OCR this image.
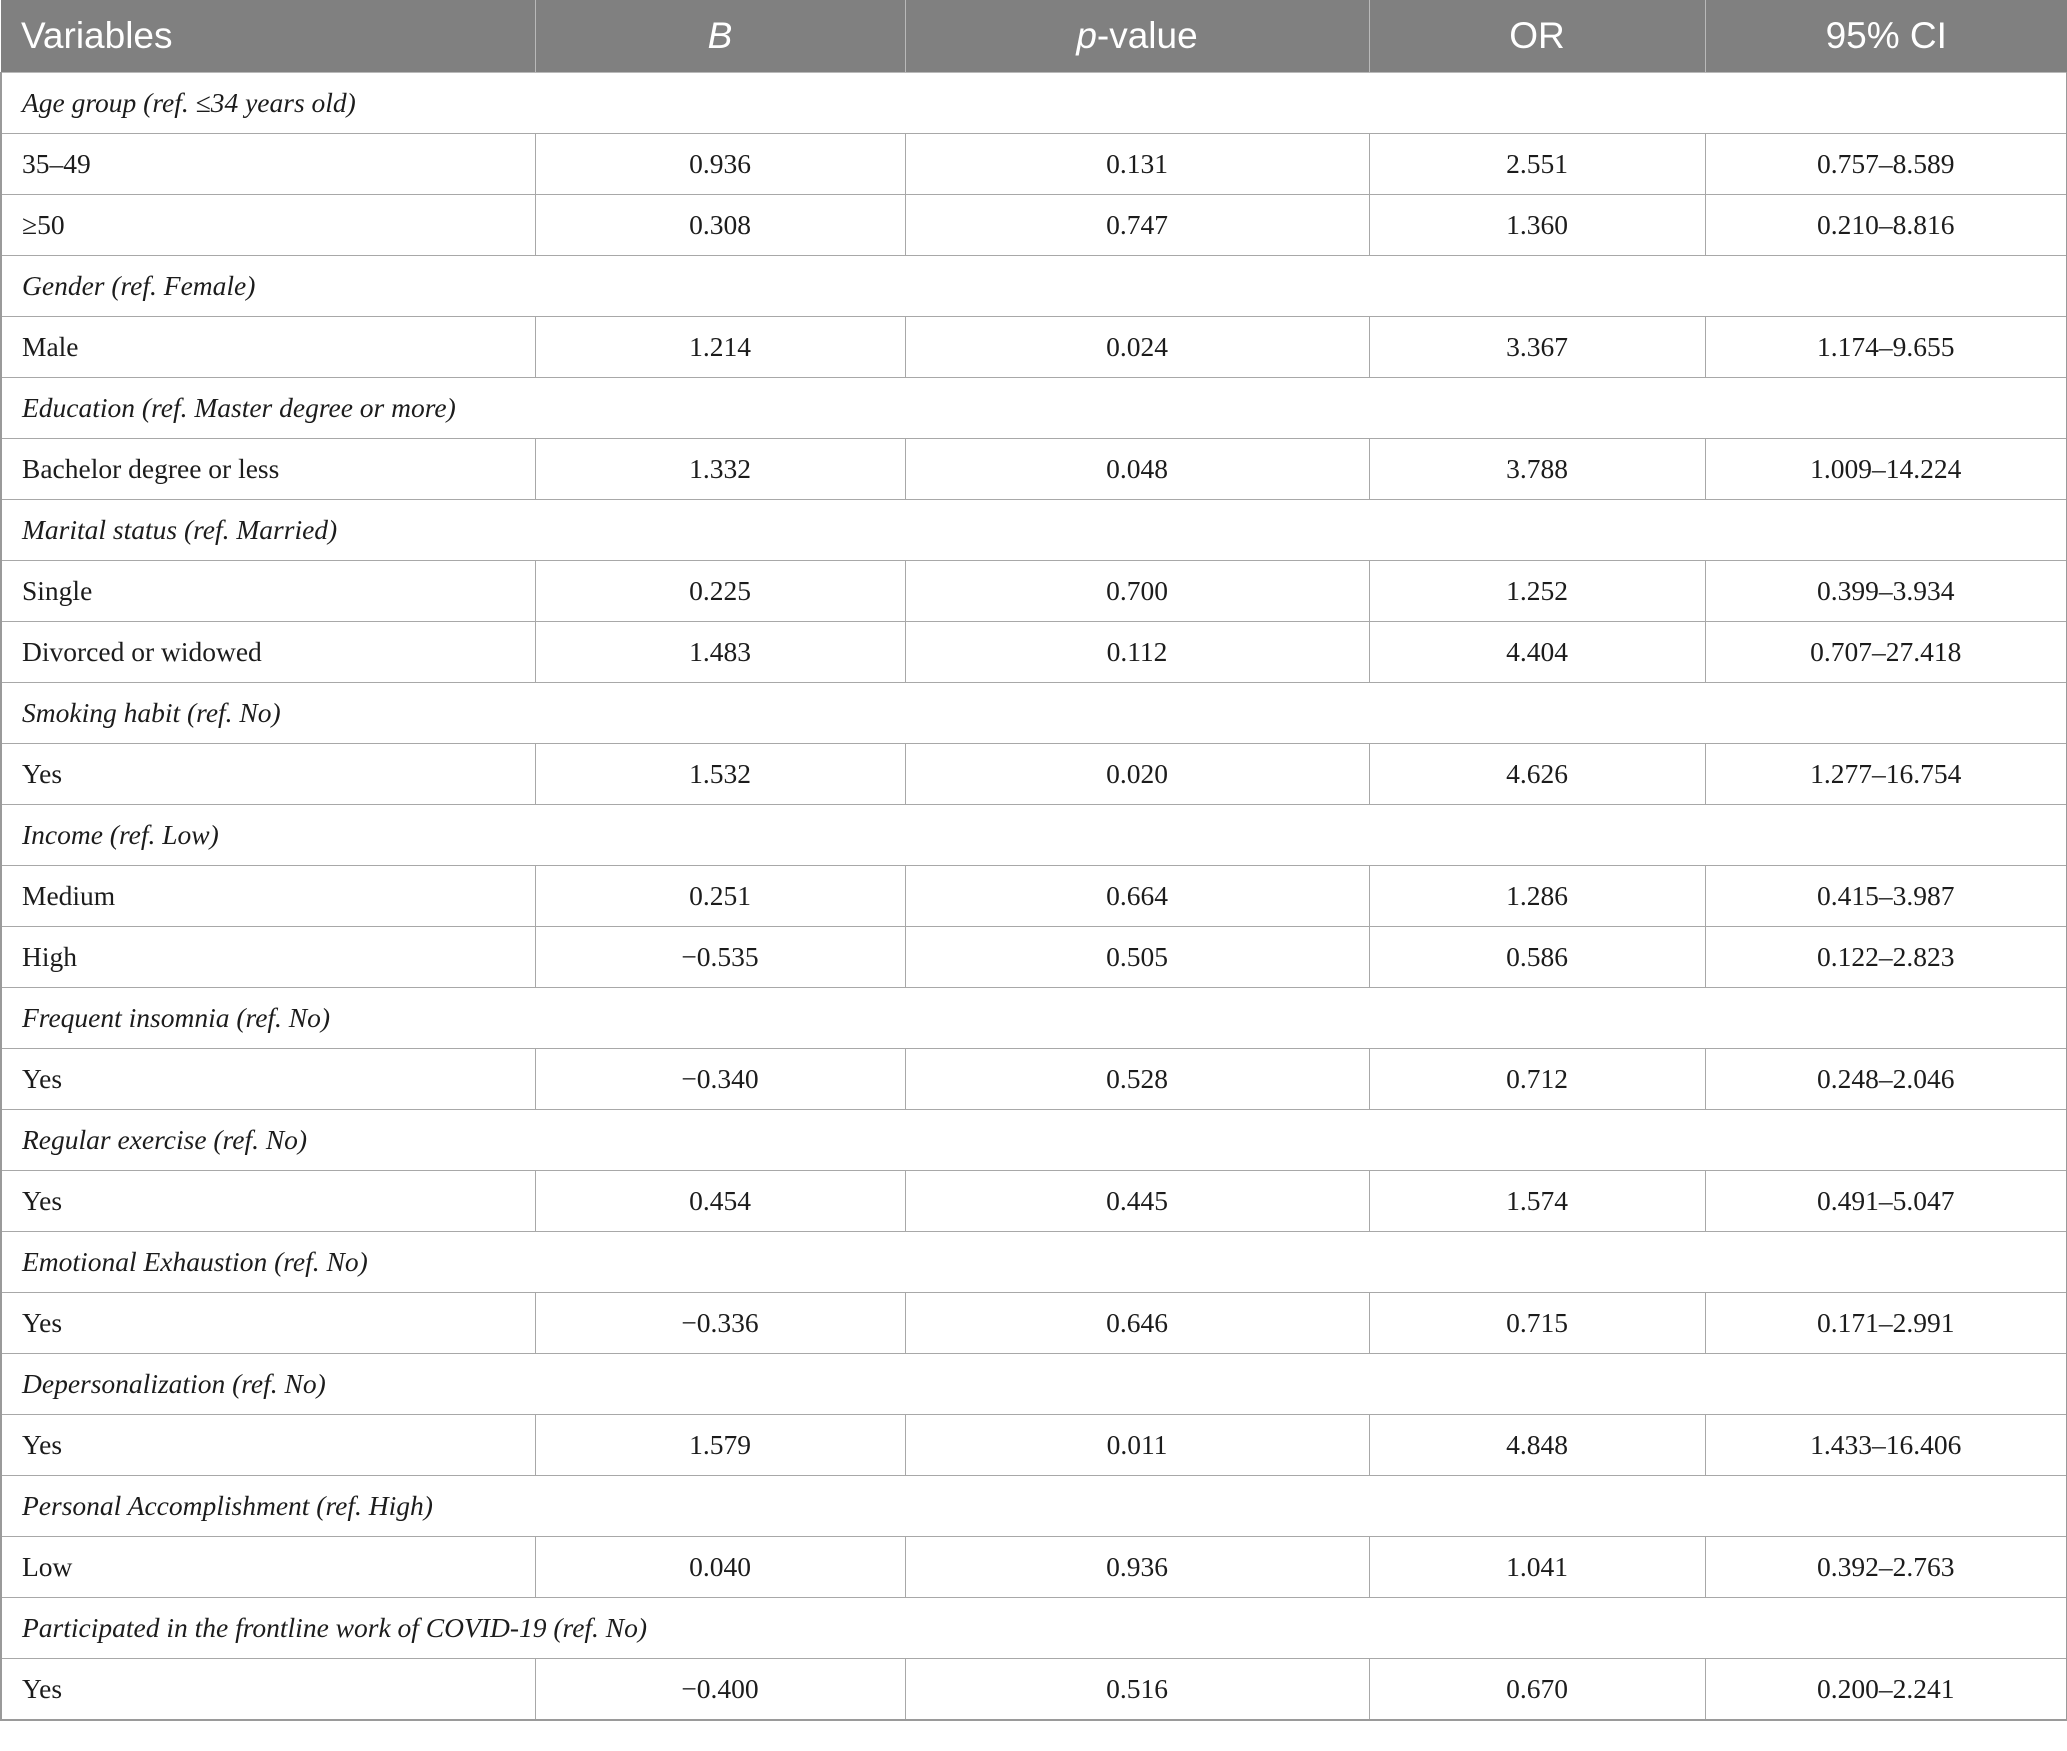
Variables	B	p-value	OR	95% CI
Age group (ref. ≤34 years old)				
35–49	0.936	0.131	2.551	0.757–8.589
≥50	0.308	0.747	1.360	0.210–8.816
Gender (ref. Female)				
Male	1.214	0.024	3.367	1.174–9.655
Education (ref. Master degree or more)				
Bachelor degree or less	1.332	0.048	3.788	1.009–14.224
Marital status (ref. Married)				
Single	0.225	0.700	1.252	0.399–3.934
Divorced or widowed	1.483	0.112	4.404	0.707–27.418
Smoking habit (ref. No)				
Yes	1.532	0.020	4.626	1.277–16.754
Income (ref. Low)				
Medium	0.251	0.664	1.286	0.415–3.987
High	−0.535	0.505	0.586	0.122–2.823
Frequent insomnia (ref. No)				
Yes	−0.340	0.528	0.712	0.248–2.046
Regular exercise (ref. No)				
Yes	0.454	0.445	1.574	0.491–5.047
Emotional Exhaustion (ref. No)				
Yes	−0.336	0.646	0.715	0.171–2.991
Depersonalization (ref. No)				
Yes	1.579	0.011	4.848	1.433–16.406
Personal Accomplishment (ref. High)				
Low	0.040	0.936	1.041	0.392–2.763
Participated in the frontline work of COVID-19 (ref. No)				
Yes	−0.400	0.516	0.670	0.200–2.241
